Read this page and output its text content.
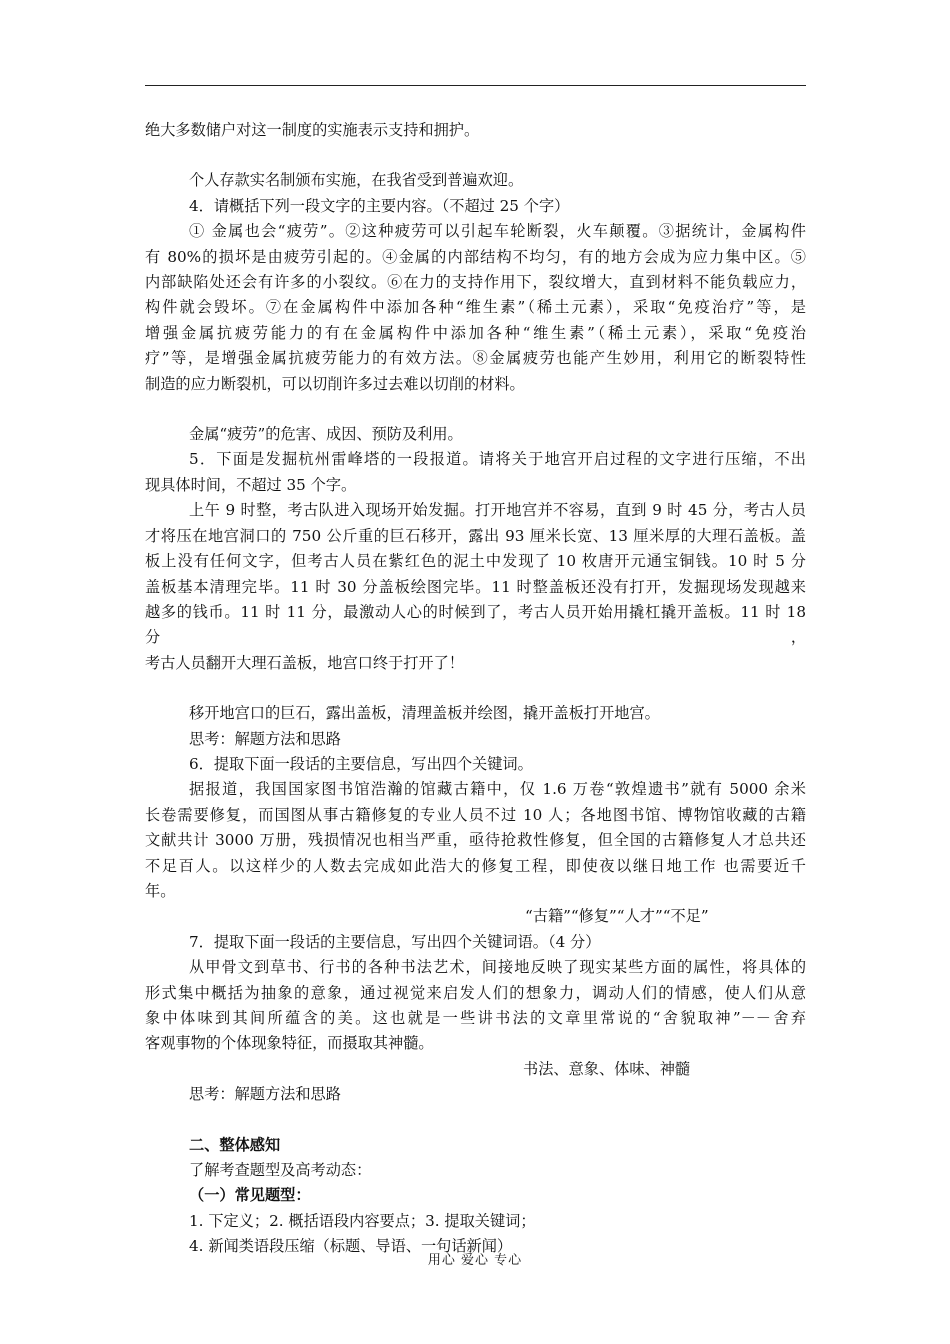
绝大多数储户对这一制度的实施表示支持和拥护。
个人存款实名制颁布实施，在我省受到普遍欢迎。
4．请概括下列一段文字的主要内容。（不超过 25 个字）
① 金属也会“疲劳”。②这种疲劳可以引起车轮断裂，火车颠覆。③据统计，金属构件
有 80%的损坏是由疲劳引起的。④金属的内部结构不均匀，有的地方会成为应力集中区。⑤
内部缺陷处还会有许多的小裂纹。⑥在力的支持作用下，裂纹增大，直到材料不能负载应力，
构件就会毁坏。⑦在金属构件中添加各种“维生素”（稀土元素），采取“免疫治疗”等，是
增强金属抗疲劳能力的有在金属构件中添加各种“维生素”（稀土元素），采取“免疫治
疗”等，是增强金属抗疲劳能力的有效方法。⑧金属疲劳也能产生妙用，利用它的断裂特性
制造的应力断裂机，可以切削许多过去难以切削的材料。
金属“疲劳”的危害、成因、预防及利用。
5．下面是发掘杭州雷峰塔的一段报道。请将关于地宫开启过程的文字进行压缩，不出
现具体时间，不超过 35 个字。
上午 9 时整，考古队进入现场开始发掘。打开地宫并不容易，直到 9 时 45 分，考古人员
才将压在地宫洞口的 750 公斤重的巨石移开，露出 93 厘米长宽、13 厘米厚的大理石盖板。盖
板上没有任何文字，但考古人员在紫红色的泥土中发现了 10 枚唐开元通宝铜钱。10 时 5 分
盖板基本清理完毕。11 时 30 分盖板绘图完毕。11 时整盖板还没有打开，发掘现场发现越来
越多的钱币。11 时 11 分，最激动人心的时候到了，考古人员开始用撬杠撬开盖板。11 时 18 分，
考古人员翻开大理石盖板，地宫口终于打开了！
移开地宫口的巨石，露出盖板，清理盖板并绘图，撬开盖板打开地宫。
思考：解题方法和思路
6．提取下面一段话的主要信息，写出四个关键词。
据报道，我国国家图书馆浩瀚的馆藏古籍中，仅 1.6 万卷“敦煌遗书”就有 5000 余米
长卷需要修复，而国图从事古籍修复的专业人员不过 10 人；各地图书馆、博物馆收藏的古籍
文献共计 3000 万册，残损情况也相当严重，亟待抢救性修复，但全国的古籍修复人才总共还
不足百人。以这样少的人数去完成如此浩大的修复工程，即使夜以继日地工作 也需要近千
年。
“古籍”“修复”“人才”“不足”
7．提取下面一段话的主要信息，写出四个关键词语。（4 分）
从甲骨文到草书、行书的各种书法艺术，间接地反映了现实某些方面的属性，将具体的
形式集中概括为抽象的意象，通过视觉来启发人们的想象力，调动人们的情感，使人们从意
象中体味到其间所蕴含的美。这也就是一些讲书法的文章里常说的“舍貌取神”－－舍弃
客观事物的个体现象特征，而摄取其神髓。
书法、意象、体味、神髓
思考：解题方法和思路
二、整体感知
了解考查题型及高考动态：
（一）常见题型：
1. 下定义；2. 概括语段内容要点；3. 提取关键词；
4. 新闻类语段压缩（标题、导语、一句话新闻）
用心 爱心 专心
